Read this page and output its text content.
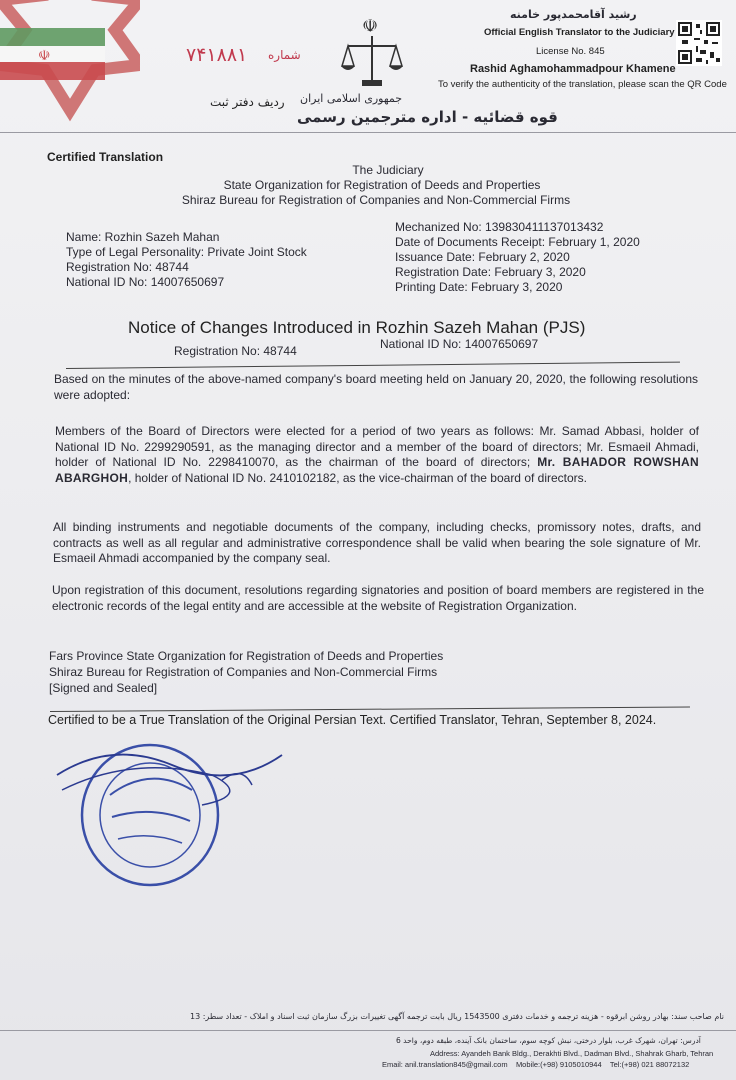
☫	۷۴۱۸۸۱ شماره
ردیف دفتر ثبت
☫
جمهوری اسلامی ایران
قوه قضائیه - اداره مترجمین رسمی
رشید آقامحمدپور خامنه
Official English Translator to the Judiciary
License No. 845
Rashid Aghamohammadpour Khamene
To verify the authenticity of the translation, please scan the QR Code
Certified Translation
The Judiciary
State Organization for Registration of Deeds and Properties
Shiraz Bureau for Registration of Companies and Non-Commercial Firms
Name: Rozhin Sazeh Mahan
Type of Legal Personality: Private Joint Stock
Registration No: 48744
National ID No: 14007650697
Mechanized No: 139830411137013432
Date of Documents Receipt: February 1, 2020
Issuance Date: February 2, 2020
Registration Date: February 3, 2020
Printing Date: February 3, 2020
Notice of Changes Introduced in Rozhin Sazeh Mahan (PJS)
Registration No: 48744	National ID No: 14007650697
Based on the minutes of the above-named company's board meeting held on January 20, 2020, the following resolutions were adopted:
Members of the Board of Directors were elected for a period of two years as follows: Mr. Samad Abbasi, holder of National ID No. 2299290591, as the managing director and a member of the board of directors; Mr. Esmaeil Ahmadi, holder of National ID No. 2298410070, as the chairman of the board of directors; Mr. BAHADOR ROWSHAN ABARGHOH, holder of National ID No. 2410102182, as the vice-chairman of the board of directors.
All binding instruments and negotiable documents of the company, including checks, promissory notes, drafts, and contracts as well as all regular and administrative correspondence shall be valid when bearing the sole signature of Mr. Esmaeil Ahmadi accompanied by the company seal.
Upon registration of this document, resolutions regarding signatories and position of board members are registered in the electronic records of the legal entity and are accessible at the website of Registration Organization.
Fars Province State Organization for Registration of Deeds and Properties
Shiraz Bureau for Registration of Companies and Non-Commercial Firms
[Signed and Sealed]
Certified to be a True Translation of the Original Persian Text. Certified Translator, Tehran, September 8, 2024.
نام صاحب سند: بهادر روشن ابرقوه - هزینه ترجمه و خدمات دفتری 1543500 ریال بابت ترجمه آگهی تغییرات بزرگ سازمان ثبت اسناد و املاک - تعداد سطر: 13
آدرس: تهران، شهرک غرب، بلوار درختی، نبش کوچه سوم، ساختمان بانک آینده، طبقه دوم، واحد 6
Address: Ayandeh Bank Bldg., Derakhti Blvd., Dadman Blvd., Shahrak Gharb, Tehran
Email: anil.translation845@gmail.com Mobile:(+98) 9105010944 Tel:(+98) 021 88072132
